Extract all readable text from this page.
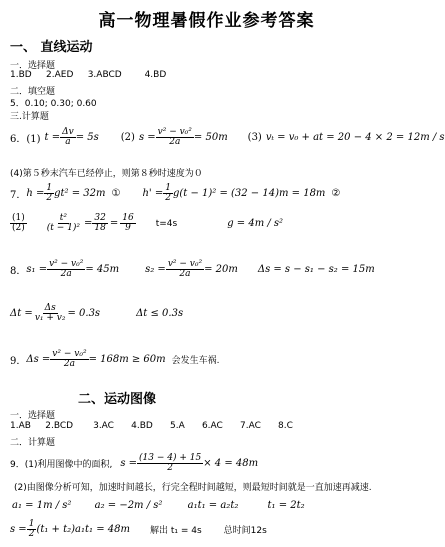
高一物理暑假作业参考答案
一、 直线运动
一．选择题
1.BD 2.AED 3.ABCD	4.BD
二．填空题
5．0.10; 0.30; 0.60
三.计算题
6．(1) $t = \frac{\Delta v}{a} = 5s$ (2) $s = \frac{\text{v² − v₀²}}{2a} = 50m$ (3) vₜ = v₀ + at = 20 − 4 × 2 = 12m / s
(4)第５秒末汽车已经停止，则第８秒时速度为０
7． $h = \frac{1}{2} gt^2 = 32m$ ① $h' = \frac{1}{2} g(t - 1)^2 = (32 - 14)m = 18m$ ②
$\frac{(1)}{(2)} \frac{\text{t²}}{\text{(t − 1)²}} = \frac{32}{18} = \frac{16}{9} t=4s$	g = 4m / s²
8． $s_1 = \frac{\text{v² − v₀²}}{2a} = 45m$	$s_2 = \frac{\text{v² − v₀²}}{2a} = 20m$ Δs = s − s₁ − s₂ = 15m
$\Delta t = \frac{\Delta s}{\text{v₁ + v₂}} = 0.3s$	Δt ≤ 0.3s
9． $\Delta s = \frac{\text{v² − v₀²}}{2a} = 168m \ge 60m$ 会发生车祸.
二、运动图像
一．选择题
1.AB 2.BCD 3.AC 4.BD 5.A 6.AC 7.AC 8.C
二．计算题
9．(1)利用图像中的面积, $s = \frac{(13 - 4) + 15}{2} \times 4 = 48m$
(2)由图像分析可知，加速时间越长，行完全程时间越短，则最短时间就是一直加速再减速.
a₁ = 1m / s² a₂ = −2m / s²	a₁t₁ = a₂t₂	t₁ = 2t₂
$s = \frac{1}{2} (t_1 + t_2)a_1t_1 = 48m$ 解出 t₁ = 4s 总时间12s
